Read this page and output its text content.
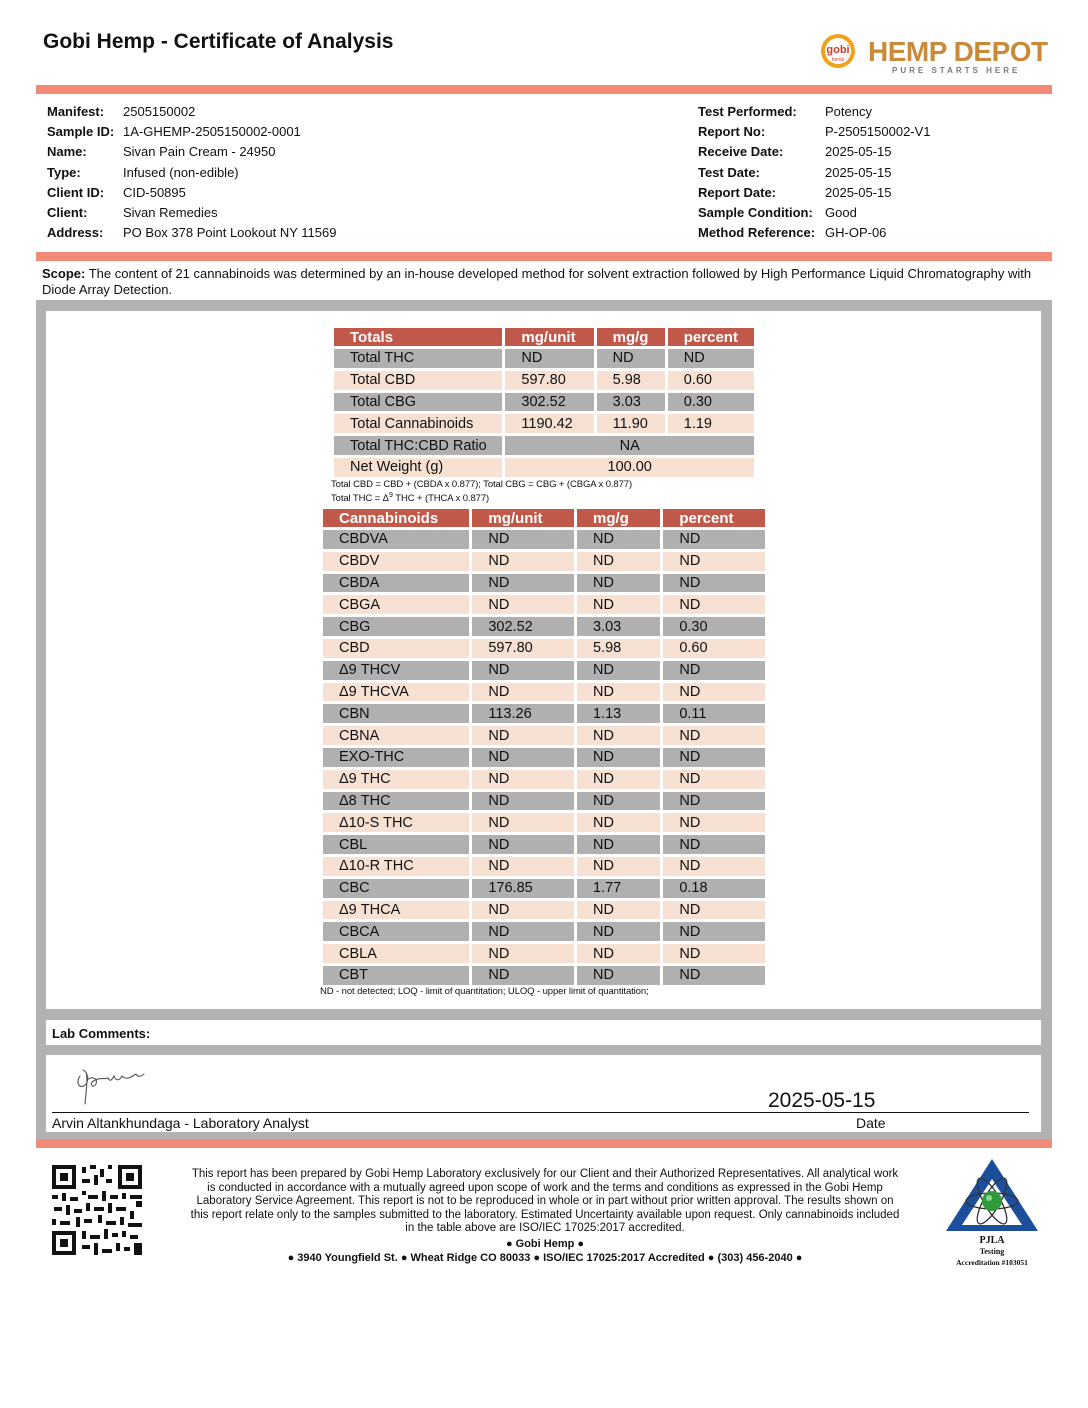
Gobi Hemp - Certificate of Analysis	gobi
hemp HEMP DEPOT
PURE STARTS HERE
Manifest: 2505150002
Sample ID: 1A-GHEMP-2505150002-0001
Name:	Sivan Pain Cream - 24950
Type:	Infused (non-edible)
Client ID: CID-50895
Client:	Sivan Remedies
Address: PO Box 378 Point Lookout NY 11569
Test Performed: Potency
Report No:	P-2505150002-V1
Receive Date:	2025-05-15
Test Date:	2025-05-15
Report Date:	2025-05-15
Sample Condition: Good
Method Reference: GH-OP-06
Scope: The content of 21 cannabinoids was determined by an in-house developed method for solvent extraction followed by High Performance Liquid Chromatography with Diode Array Detection.
Totals	mg/unit	mg/g	percent
Total THC	ND	ND	ND
Total CBD	597.80	5.98	0.60
Total CBG	302.52	3.03	0.30
Total Cannabinoids	1190.42	11.90	1.19
Total THC:CBD Ratio	NA		
Net Weight (g)	100.00		
Total CBD = CBD + (CBDA x 0.877); Total CBG = CBG + (CBGA x 0.877)
Total THC = $\Delta^9$ THC + (THCA x 0.877)
Cannabinoids	mg/unit	mg/g	percent
CBDVA	ND	ND	ND
CBDV	ND	ND	ND
CBDA	ND	ND	ND
CBGA	ND	ND	ND
CBG	302.52	3.03	0.30
CBD	597.80	5.98	0.60
Δ9 THCV	ND	ND	ND
Δ9 THCVA	ND	ND	ND
CBN	113.26	1.13	0.11
CBNA	ND	ND	ND
EXO-THC	ND	ND	ND
Δ9 THC	ND	ND	ND
Δ8 THC	ND	ND	ND
Δ10-S THC	ND	ND	ND
CBL	ND	ND	ND
Δ10-R THC	ND	ND	ND
CBC	176.85	1.77	0.18
Δ9 THCA	ND	ND	ND
CBCA	ND	ND	ND
CBLA	ND	ND	ND
CBT	ND	ND	ND
ND - not detected; LOQ - limit of quantitation; ULOQ - upper limit of quantitation;
Lab Comments:
2025-05-15
Arvin Altankhundaga - Laboratory Analyst	Date
This report has been prepared by Gobi Hemp Laboratory exclusively for our Client and their Authorized Representatives. All analytical work is conducted in accordance with a mutually agreed upon scope of work and the terms and conditions as expressed in the Gobi Hemp Laboratory Service Agreement. This report is not to be reproduced in whole or in part without prior written approval. The results shown on this report relate only to the samples submitted to the laboratory. Estimated Uncertainty available upon request. Only cannabinoids included in the table above are ISO/IEC 17025:2017 accredited.
● Gobi Hemp ●
● 3940 Youngfield St. ● Wheat Ridge CO 80033 ● ISO/IEC 17025:2017 Accredited ● (303) 456-2040 ●
PJLA
Testing
Accreditation #103051
